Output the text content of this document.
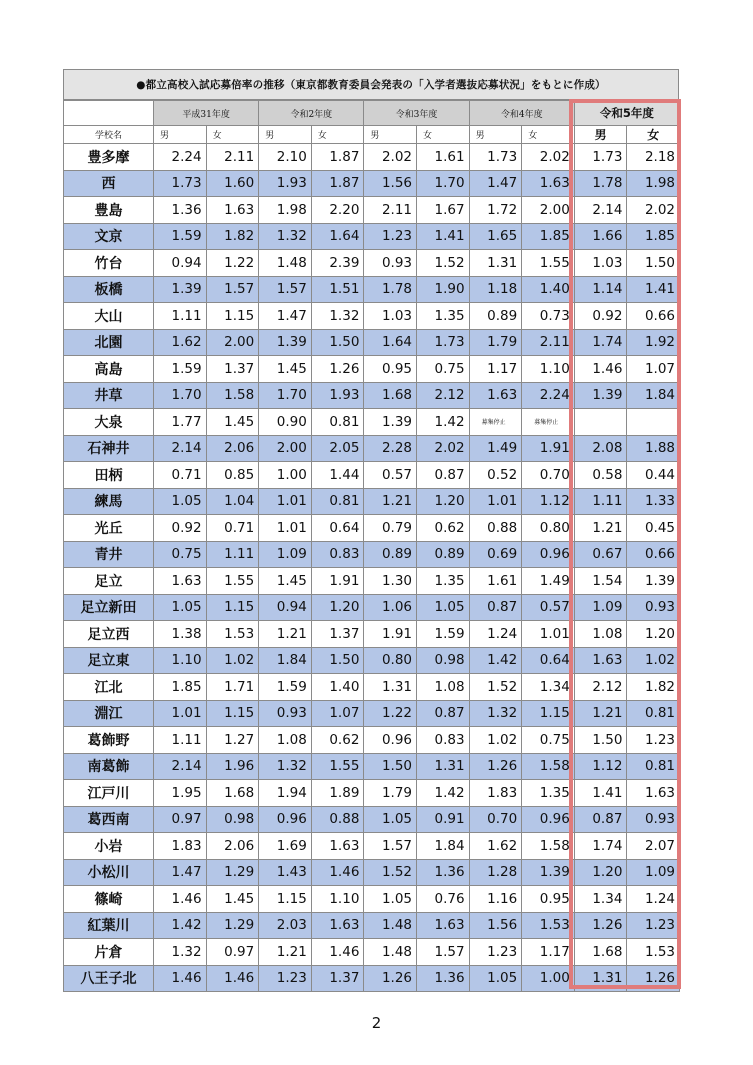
●都立高校入試応募倍率の推移（東京都教育委員会発表の「入学者選抜応募状況」をもとに作成）
	平成31年度		令和2年度		令和3年度		令和4年度		令和5年度	
学校名	男	女	男	女	男	女	男	女	男	女
豊多摩	2.24	2.11	2.10	1.87	2.02	1.61	1.73	2.02	1.73	2.18
西	1.73	1.60	1.93	1.87	1.56	1.70	1.47	1.63	1.78	1.98
豊島	1.36	1.63	1.98	2.20	2.11	1.67	1.72	2.00	2.14	2.02
文京	1.59	1.82	1.32	1.64	1.23	1.41	1.65	1.85	1.66	1.85
竹台	0.94	1.22	1.48	2.39	0.93	1.52	1.31	1.55	1.03	1.50
板橋	1.39	1.57	1.57	1.51	1.78	1.90	1.18	1.40	1.14	1.41
大山	1.11	1.15	1.47	1.32	1.03	1.35	0.89	0.73	0.92	0.66
北園	1.62	2.00	1.39	1.50	1.64	1.73	1.79	2.11	1.74	1.92
高島	1.59	1.37	1.45	1.26	0.95	0.75	1.17	1.10	1.46	1.07
井草	1.70	1.58	1.70	1.93	1.68	2.12	1.63	2.24	1.39	1.84
大泉	1.77	1.45	0.90	0.81	1.39	1.42	募集停止	募集停止		
石神井	2.14	2.06	2.00	2.05	2.28	2.02	1.49	1.91	2.08	1.88
田柄	0.71	0.85	1.00	1.44	0.57	0.87	0.52	0.70	0.58	0.44
練馬	1.05	1.04	1.01	0.81	1.21	1.20	1.01	1.12	1.11	1.33
光丘	0.92	0.71	1.01	0.64	0.79	0.62	0.88	0.80	1.21	0.45
青井	0.75	1.11	1.09	0.83	0.89	0.89	0.69	0.96	0.67	0.66
足立	1.63	1.55	1.45	1.91	1.30	1.35	1.61	1.49	1.54	1.39
足立新田	1.05	1.15	0.94	1.20	1.06	1.05	0.87	0.57	1.09	0.93
足立西	1.38	1.53	1.21	1.37	1.91	1.59	1.24	1.01	1.08	1.20
足立東	1.10	1.02	1.84	1.50	0.80	0.98	1.42	0.64	1.63	1.02
江北	1.85	1.71	1.59	1.40	1.31	1.08	1.52	1.34	2.12	1.82
淵江	1.01	1.15	0.93	1.07	1.22	0.87	1.32	1.15	1.21	0.81
葛飾野	1.11	1.27	1.08	0.62	0.96	0.83	1.02	0.75	1.50	1.23
南葛飾	2.14	1.96	1.32	1.55	1.50	1.31	1.26	1.58	1.12	0.81
江戸川	1.95	1.68	1.94	1.89	1.79	1.42	1.83	1.35	1.41	1.63
葛西南	0.97	0.98	0.96	0.88	1.05	0.91	0.70	0.96	0.87	0.93
小岩	1.83	2.06	1.69	1.63	1.57	1.84	1.62	1.58	1.74	2.07
小松川	1.47	1.29	1.43	1.46	1.52	1.36	1.28	1.39	1.20	1.09
篠崎	1.46	1.45	1.15	1.10	1.05	0.76	1.16	0.95	1.34	1.24
紅葉川	1.42	1.29	2.03	1.63	1.48	1.63	1.56	1.53	1.26	1.23
片倉	1.32	0.97	1.21	1.46	1.48	1.57	1.23	1.17	1.68	1.53
八王子北	1.46	1.46	1.23	1.37	1.26	1.36	1.05	1.00	1.31	1.26
2
